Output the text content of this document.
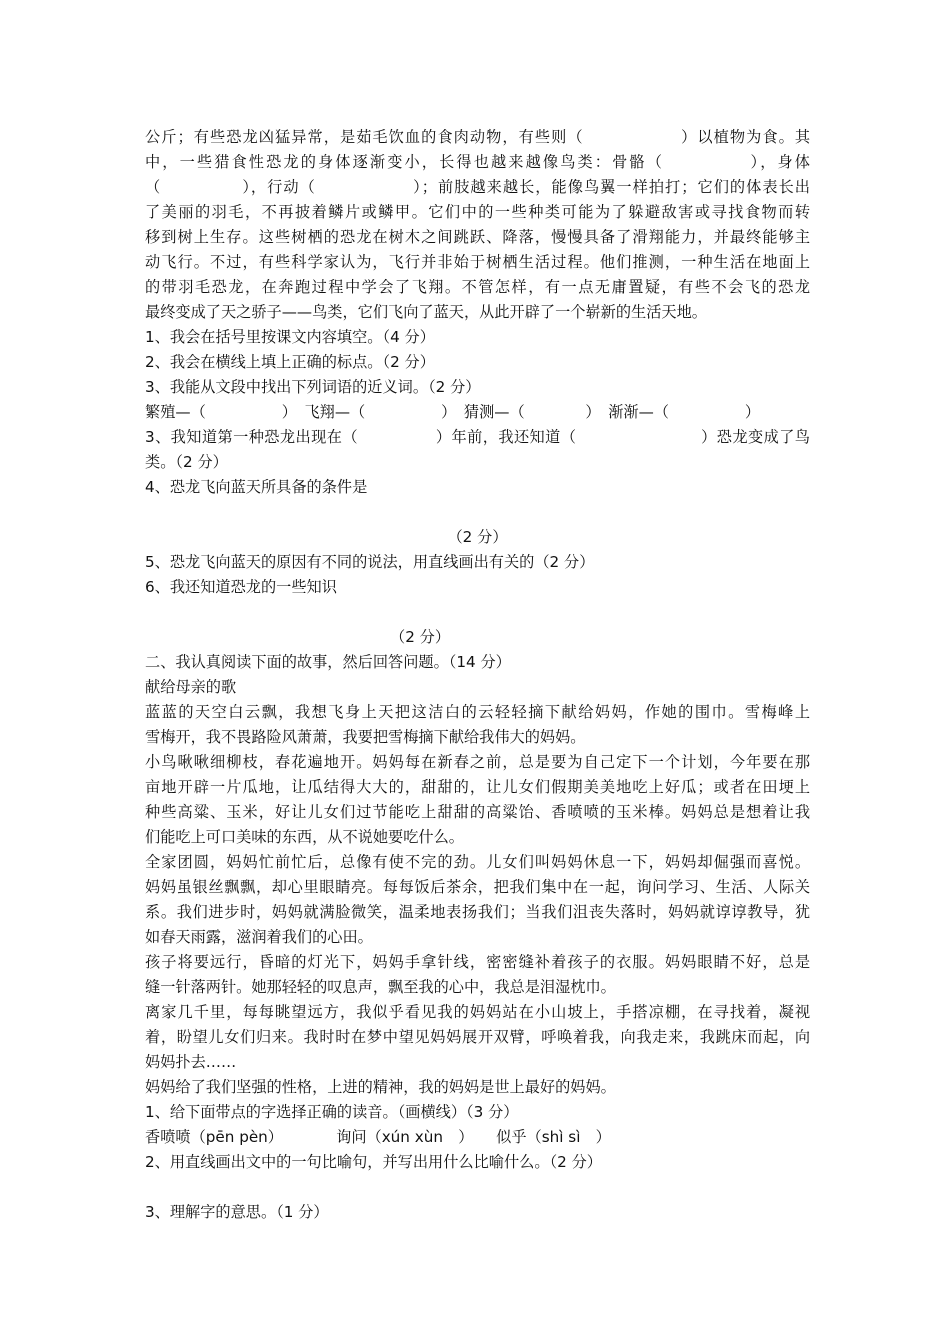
公斤；有些恐龙凶猛异常，是茹毛饮血的食肉动物，有些则（　　　　　　）以植物为食。其
中，一些猎食性恐龙的身体逐渐变小，长得也越来越像鸟类：骨骼（　　　　　），身体
（　　　　　），行动（　　　　　　）；前肢越来越长，能像鸟翼一样拍打；它们的体表长出
了美丽的羽毛，不再披着鳞片或鳞甲。它们中的一些种类可能为了躲避敌害或寻找食物而转
移到树上生存。这些树栖的恐龙在树木之间跳跃、降落，慢慢具备了滑翔能力，并最终能够主
动飞行。不过，有些科学家认为，飞行并非始于树栖生活过程。他们推测，一种生活在地面上
的带羽毛恐龙，在奔跑过程中学会了飞翔。不管怎样，有一点无庸置疑，有些不会飞的恐龙
最终变成了天之骄子——鸟类，它们飞向了蓝天，从此开辟了一个崭新的生活天地。
1、我会在括号里按课文内容填空。（4 分）
2、我会在横线上填上正确的标点。（2 分）
3、我能从文段中找出下列词语的近义词。（2 分）
繁殖—（　　　　　）　飞翔—（　　　　　）　猜测—（　　　　）　渐渐—（　　　　　）
3、我知道第一种恐龙出现在（　　　　　）年前，我还知道（　　　　　　　　）恐龙变成了鸟
类。（2 分）
4、恐龙飞向蓝天所具备的条件是
（2 分）
5、恐龙飞向蓝天的原因有不同的说法，用直线画出有关的（2 分）
6、我还知道恐龙的一些知识
（2 分）
二、我认真阅读下面的故事，然后回答问题。（14 分）
献给母亲的歌
蓝蓝的天空白云飘，我想飞身上天把这洁白的云轻轻摘下献给妈妈，作她的围巾。雪梅峰上
雪梅开，我不畏路险风萧萧，我要把雪梅摘下献给我伟大的妈妈。
小鸟啾啾细柳枝，春花遍地开。妈妈每在新春之前，总是要为自己定下一个计划，今年要在那
亩地开辟一片瓜地，让瓜结得大大的，甜甜的，让儿女们假期美美地吃上好瓜；或者在田埂上
种些高粱、玉米，好让儿女们过节能吃上甜甜的高粱饴、香喷喷的玉米棒。妈妈总是想着让我
们能吃上可口美味的东西，从不说她要吃什么。
全家团圆，妈妈忙前忙后，总像有使不完的劲。儿女们叫妈妈休息一下，妈妈却倔强而喜悦。
妈妈虽银丝飘飘，却心里眼睛亮。每每饭后茶余，把我们集中在一起，询问学习、生活、人际关
系。我们进步时，妈妈就满脸微笑，温柔地表扬我们；当我们沮丧失落时，妈妈就谆谆教导，犹
如春天雨露，滋润着我们的心田。
孩子将要远行，昏暗的灯光下，妈妈手拿针线，密密缝补着孩子的衣服。妈妈眼睛不好，总是
缝一针落两针。她那轻轻的叹息声，飘至我的心中，我总是泪湿枕巾。
离家几千里，每每眺望远方，我似乎看见我的妈妈站在小山坡上，手搭凉棚，在寻找着，凝视
着，盼望儿女们归来。我时时在梦中望见妈妈展开双臂，呼唤着我，向我走来，我跳床而起，向
妈妈扑去……
妈妈给了我们坚强的性格，上进的精神，我的妈妈是世上最好的妈妈。
1、给下面带点的字选择正确的读音。（画横线）（3 分）
香喷喷（pēn pèn）　　　　询问（xún xùn　）　　似乎（shì sì　）
2、用直线画出文中的一句比喻句，并写出用什么比喻什么。（2 分）
3、理解字的意思。（1 分）
